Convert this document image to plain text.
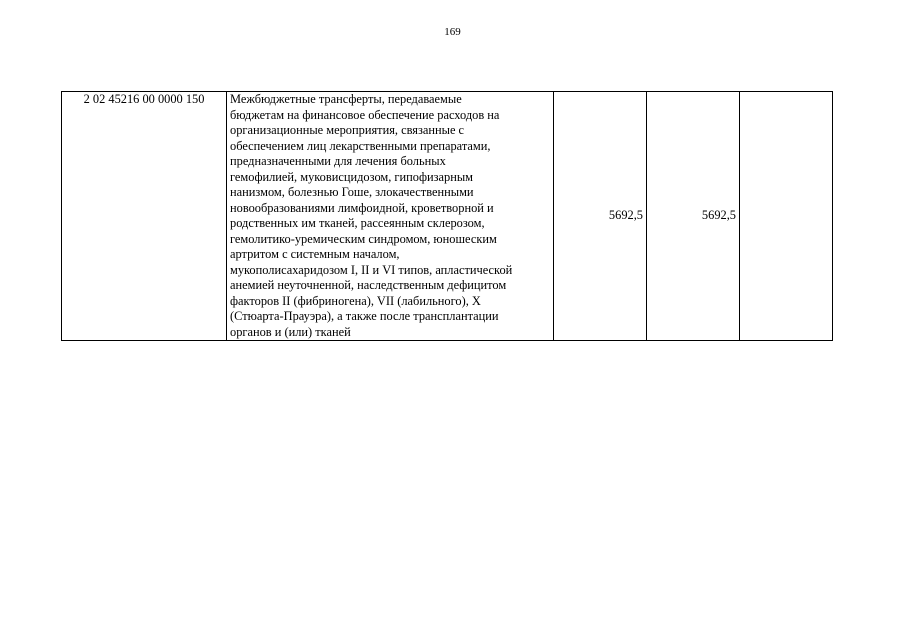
169
2 02 45216 00 0000 150	Межбюджетные трансферты, передаваемые
бюджетам на финансовое обеспечение расходов на
организационные мероприятия, связанные с
обеспечением лиц лекарственными препаратами,
предназначенными для лечения больных
гемофилией, муковисцидозом, гипофизарным
нанизмом, болезнью Гоше, злокачественными
новообразованиями лимфоидной, кроветворной и
родственных им тканей, рассеянным склерозом,
гемолитико-уремическим синдромом, юношеским
артритом с системным началом,
мукополисахаридозом I, II и VI типов, апластической
анемией неуточненной, наследственным дефицитом
факторов II (фибриногена), VII (лабильного), X
(Стюарта-Прауэра), а также после трансплантации
органов и (или) тканей
	5692,5	5692,5	
